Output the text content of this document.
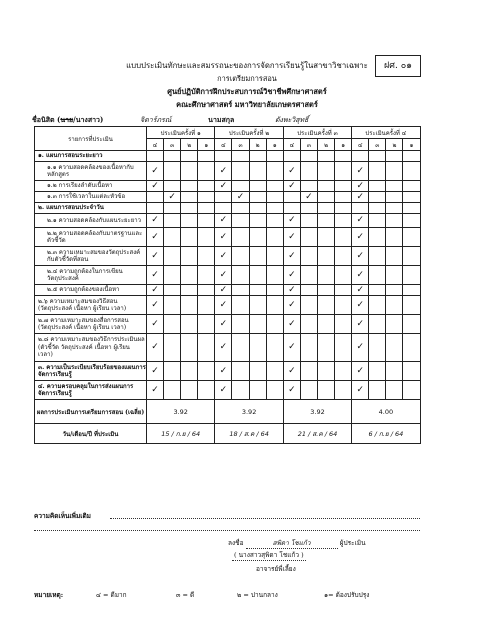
ฝศ. ๐๑
แบบประเมินทักษะและสมรรถนะของการจัดการเรียนรู้ในสาขาวิชาเฉพาะ
การเตรียมการสอน
ศูนย์ปฏิบัติการฝึกประสบการณ์วิชาชีพศึกษาศาสตร์
คณะศึกษาศาสตร์ มหาวิทยาลัยเกษตรศาสตร์
ชื่อนิสิต (นาย/นางสาว)	จิดาร์ภรณ์	นามสกุล	ดังพะวิสุทธิ์
รายการที่ประเมิน	ประเมินครั้งที่ ๑				ประเมินครั้งที่ ๒				ประเมินครั้งที่ ๓				ประเมินครั้งที่ ๔			
	๔	๓	๒	๑	๔	๓	๒	๑	๔	๓	๒	๑	๔	๓	๒	๑
๑. แผนการสอนระยะยาว																
๑.๑ ความสอดคล้องของเนื้อหากับหลักสูตร	✓				✓				✓				✓			
๑.๒ การเรียงลำดับเนื้อหา	✓				✓				✓				✓			
๑.๓ การใช้เวลาในแต่ละหัวข้อ		✓				✓				✓			✓			
๒. แผนการสอนประจำวัน																
๒.๑ ความสอดคล้องกับแผนระยะยาว	✓				✓				✓				✓			
๒.๒ ความสอดคล้องกับมาตรฐานและตัวชี้วัด	✓				✓				✓				✓			
๒.๓ ความเหมาะสมของวัตถุประสงค์กับตัวชี้วัดที่สอน	✓				✓				✓				✓			
๒.๔ ความถูกต้องในการเขียนวัตถุประสงค์	✓				✓				✓				✓			
๒.๕ ความถูกต้องของเนื้อหา	✓				✓				✓				✓			
๒.๖ ความเหมาะสมของวิธีสอน (วัตถุประสงค์ เนื้อหา ผู้เรียน เวลา)	✓				✓				✓				✓			
๒.๗ ความเหมาะสมของสื่อการสอน (วัตถุประสงค์ เนื้อหา ผู้เรียน เวลา)	✓				✓				✓				✓			
๒.๘ ความเหมาะสมของวิธีการประเมินผล (ตัวชี้วัด วัตถุประสงค์ เนื้อหา ผู้เรียน เวลา)	✓				✓				✓				✓			
๓. ความเป็นระเบียบเรียบร้อยของแผนการจัดการเรียนรู้	✓				✓				✓				✓			
๔. ความครอบคลุมในการส่งแผนการจัดการเรียนรู้	✓				✓				✓				✓			
ผลการประเมินการเตรียมการสอน (เฉลี่ย)	3.92				3.92				3.92				4.00			
วัน/เดือน/ปี ที่ประเมิน	15 / ก.ย / 64				18 / ส.ค / 64				21 / ส.ค / 64				6 / ก.ย / 64			
ความคิดเห็นเพิ่มเติม
ลงชื่อ	สพิดา โชแก้ว	ผู้ประเมิน
( นางสาวสุพิดา โชแก้ว )
อาจารย์พี่เลี้ยง
หมายเหตุ:	๔ = ดีมาก	๓ = ดี	๒ = ปานกลาง	๑= ต้องปรับปรุง
